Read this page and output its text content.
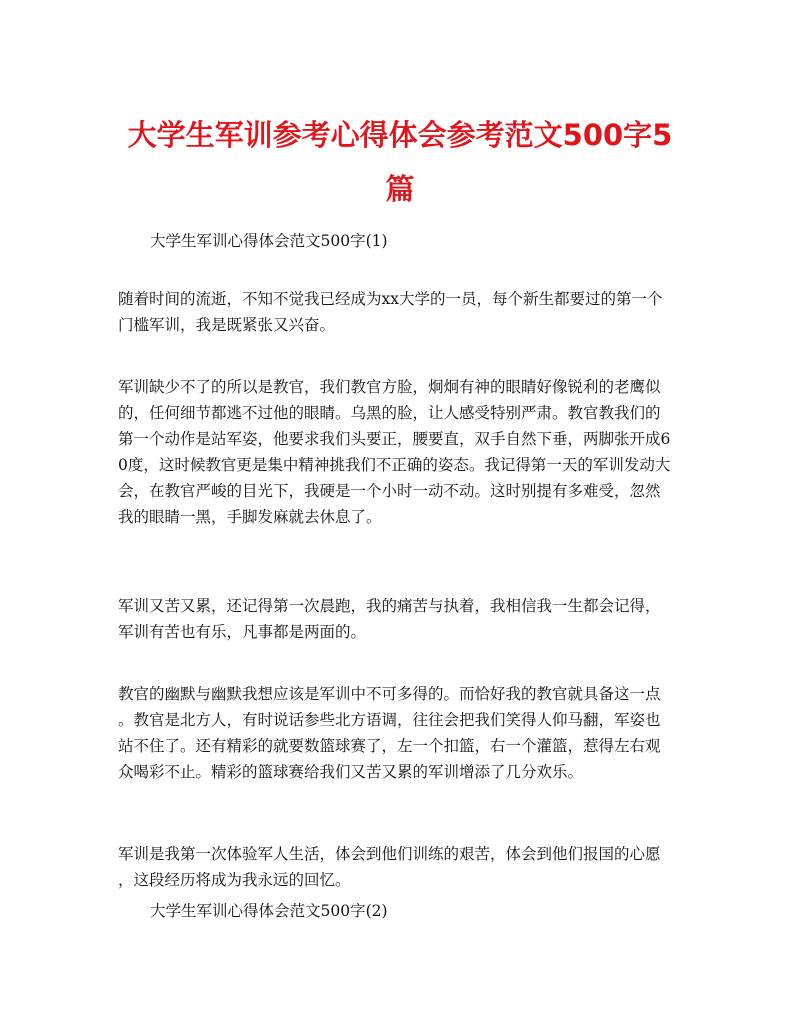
大学生军训参考心得体会参考范文500字5
篇
大学生军训心得体会范文500字(1)

随着时间的流逝，不知不觉我已经成为xx大学的一员，每个新生都要过的第一个
门槛军训，我是既紧张又兴奋。

军训缺少不了的所以是教官，我们教官方脸，炯炯有神的眼睛好像锐利的老鹰似
的，任何细节都逃不过他的眼睛。乌黑的脸，让人感受特别严肃。教官教我们的
第一个动作是站军姿，他要求我们头要正，腰要直，双手自然下垂，两脚张开成6
0度，这时候教官更是集中精神挑我们不正确的姿态。我记得第一天的军训发动大
会，在教官严峻的目光下，我硬是一个小时一动不动。这时别提有多难受，忽然
我的眼睛一黑，手脚发麻就去休息了。

军训又苦又累，还记得第一次晨跑，我的痛苦与执着，我相信我一生都会记得，
军训有苦也有乐，凡事都是两面的。

教官的幽默与幽默我想应该是军训中不可多得的。而恰好我的教官就具备这一点
。教官是北方人，有时说话参些北方语调，往往会把我们笑得人仰马翻，军姿也
站不住了。还有精彩的就要数篮球赛了，左一个扣篮，右一个灌篮，惹得左右观
众喝彩不止。精彩的篮球赛给我们又苦又累的军训增添了几分欢乐。

军训是我第一次体验军人生活，体会到他们训练的艰苦，体会到他们报国的心愿
，这段经历将成为我永远的回忆。

大学生军训心得体会范文500字(2)
